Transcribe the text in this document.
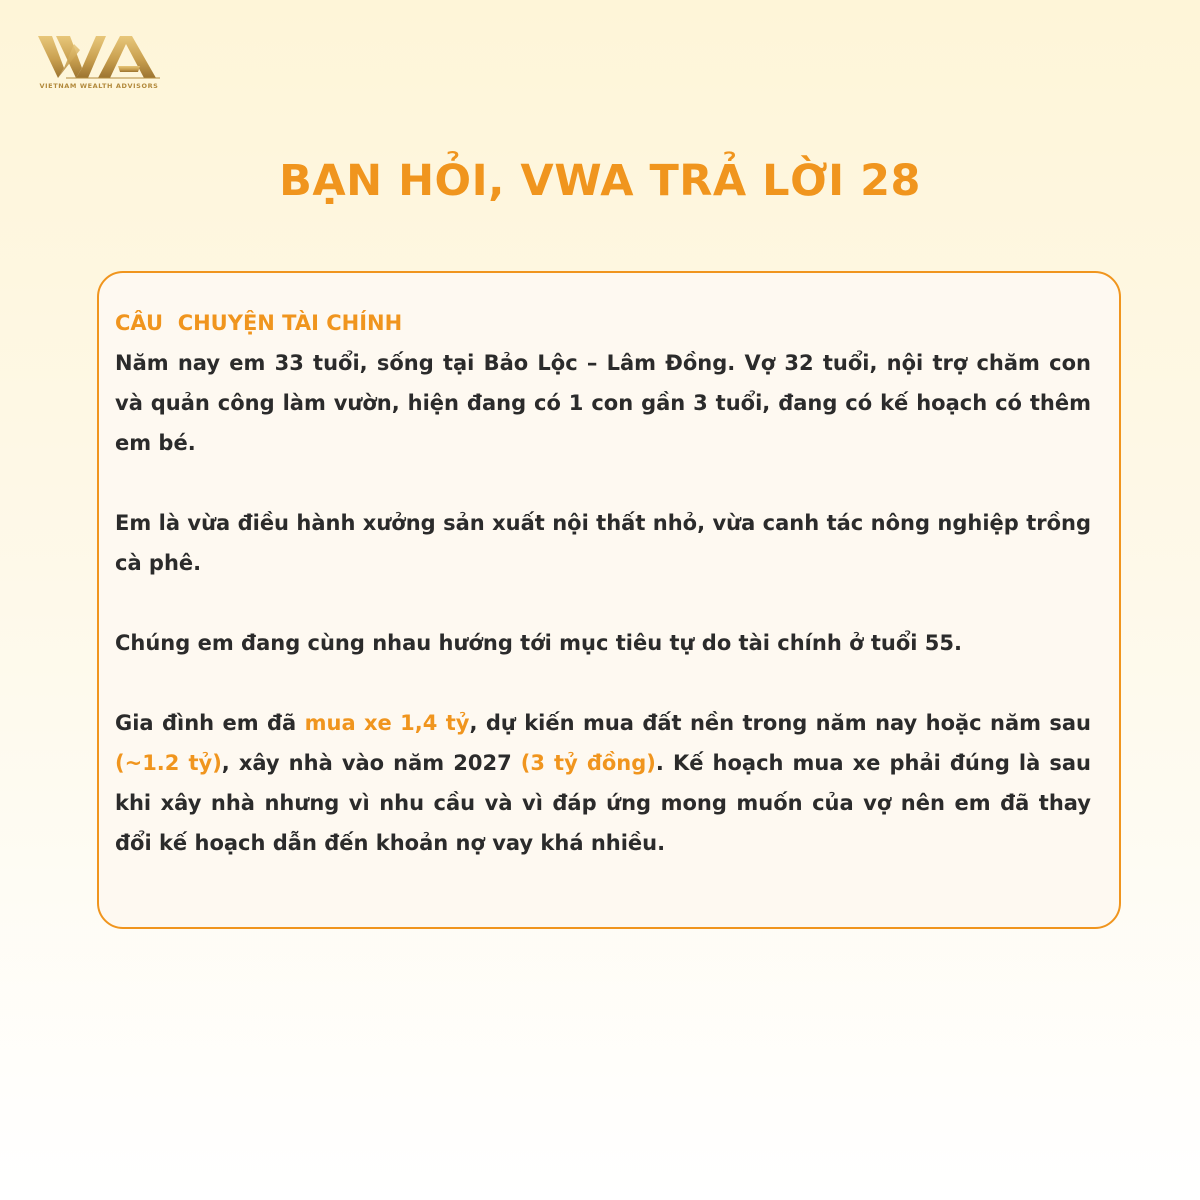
VIETNAM WEALTH ADVISORS
BẠN HỎI, VWA TRẢ LỜI 28

CÂU  CHUYỆN TÀI CHÍNH

Năm nay em 33 tuổi, sống tại Bảo Lộc – Lâm Đồng. Vợ 32 tuổi, nội trợ chăm con và quản công làm vườn, hiện đang có 1 con gần 3 tuổi, đang có kế hoạch có thêm em bé.

Em là vừa điều hành xưởng sản xuất nội thất nhỏ, vừa canh tác nông nghiệp trồng cà phê.

Chúng em đang cùng nhau hướng tới mục tiêu tự do tài chính ở tuổi 55.

Gia đình em đã mua xe 1,4 tỷ, dự kiến mua đất nền trong năm nay hoặc năm sau (~1.2 tỷ), xây nhà vào năm 2027 (3 tỷ đồng). Kế hoạch mua xe phải đúng là sau khi xây nhà nhưng vì nhu cầu và vì đáp ứng mong muốn của vợ nên em đã thay đổi kế hoạch dẫn đến khoản nợ vay khá nhiều.
